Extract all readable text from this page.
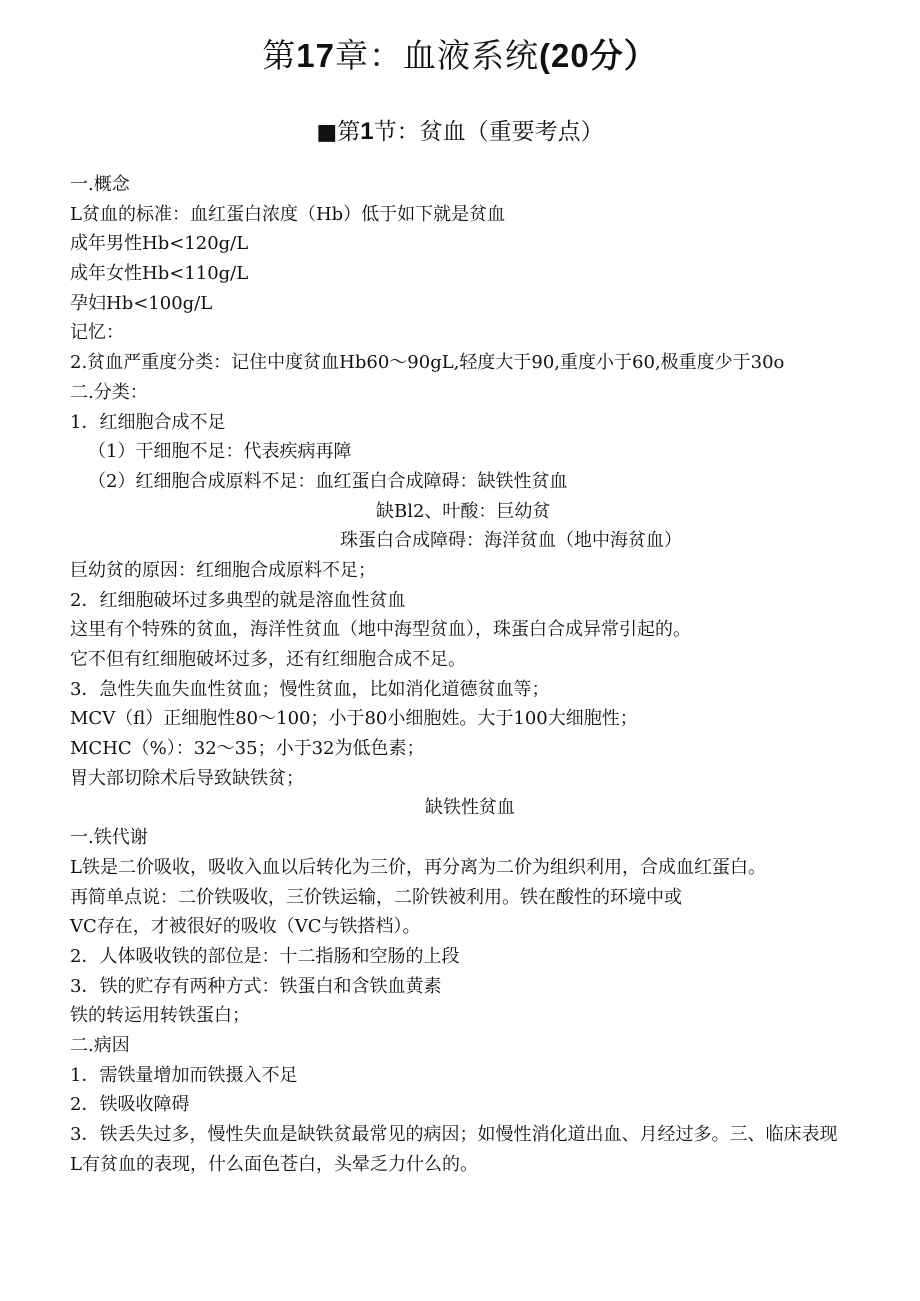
第17章：血液系统(20分）
■第1节：贫血（重要考点）
一.概念
L贫血的标准：血红蛋白浓度（Hb）低于如下就是贫血
成年男性Hb<120g/L
成年女性Hb<110g/L
孕妇Hb<100g/L
记忆：
2.贫血严重度分类：记住中度贫血Hb60～90gL,轻度大于90,重度小于60,极重度少于30o
二.分类：
1．红细胞合成不足
（1）干细胞不足：代表疾病再障
（2）红细胞合成原料不足：血红蛋白合成障碍：缺铁性贫血
缺Bl2、叶酸：巨幼贫
珠蛋白合成障碍：海洋贫血（地中海贫血）
巨幼贫的原因：红细胞合成原料不足；
2．红细胞破坏过多典型的就是溶血性贫血
这里有个特殊的贫血，海洋性贫血（地中海型贫血），珠蛋白合成异常引起的。
它不但有红细胞破坏过多，还有红细胞合成不足。
3．急性失血失血性贫血；慢性贫血，比如消化道德贫血等；
MCV（fl）正细胞性80～100；小于80小细胞姓。大于100大细胞性；
MCHC（%）：32～35；小于32为低色素；
胃大部切除术后导致缺铁贫；
缺铁性贫血
一.铁代谢
L铁是二价吸收，吸收入血以后转化为三价，再分离为二价为组织利用，合成血红蛋白。
再简单点说：二价铁吸收，三价铁运输，二阶铁被利用。铁在酸性的环境中或
VC存在，才被很好的吸收（VC与铁搭档）。
2．人体吸收铁的部位是：十二指肠和空肠的上段
3．铁的贮存有两种方式：铁蛋白和含铁血黄素
铁的转运用转铁蛋白；
二.病因
1．需铁量增加而铁摄入不足
2．铁吸收障碍
3．铁丢失过多，慢性失血是缺铁贫最常见的病因；如慢性消化道出血、月经过多。三、临床表现
L有贫血的表现，什么面色苍白，头晕乏力什么的。
